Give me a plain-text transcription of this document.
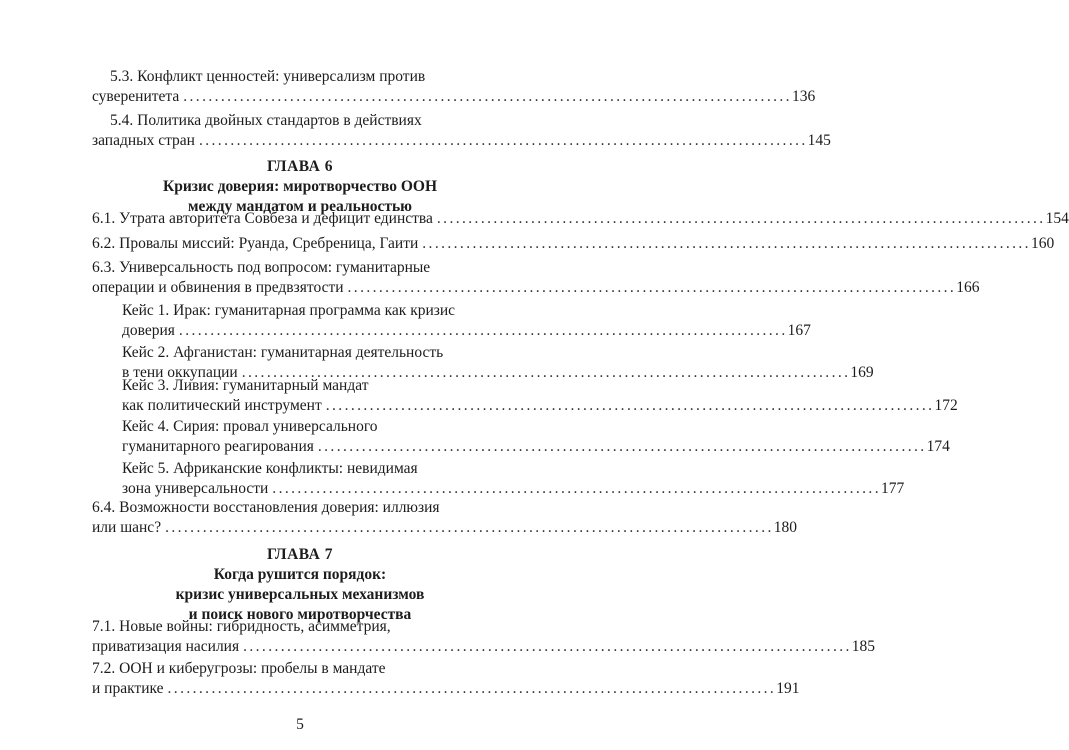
5.3. Конфликт ценностей: универсализм против
суверенитета ................................................................................................. 136
5.4. Политика двойных стандартов в действиях
западных стран ................................................................................................. 145
ГЛАВА 6
Кризис доверия: миротворчество ООН
между мандатом и реальностью
6.1. Утрата авторитета Совбеза и дефицит единства ................................................................................................. 154
6.2. Провалы миссий: Руанда, Сребреница, Гаити ................................................................................................. 160
6.3. Универсальность под вопросом: гуманитарные
операции и обвинения в предвзятости ................................................................................................. 166
Кейс 1. Ирак: гуманитарная программа как кризис
доверия ................................................................................................. 167
Кейс 2. Афганистан: гуманитарная деятельность
в тени оккупации ................................................................................................. 169
Кейс 3. Ливия: гуманитарный мандат
как политический инструмент ................................................................................................. 172
Кейс 4. Сирия: провал универсального
гуманитарного реагирования ................................................................................................. 174
Кейс 5. Африканские конфликты: невидимая
зона универсальности ................................................................................................. 177
6.4. Возможности восстановления доверия: иллюзия
или шанс? ................................................................................................. 180
ГЛАВА 7
Когда рушится порядок:
кризис универсальных механизмов
и поиск нового миротворчества
7.1. Новые войны: гибридность, асимметрия,
приватизация насилия ................................................................................................. 185
7.2. ООН и киберугрозы: пробелы в мандате
и практике ................................................................................................. 191
5
